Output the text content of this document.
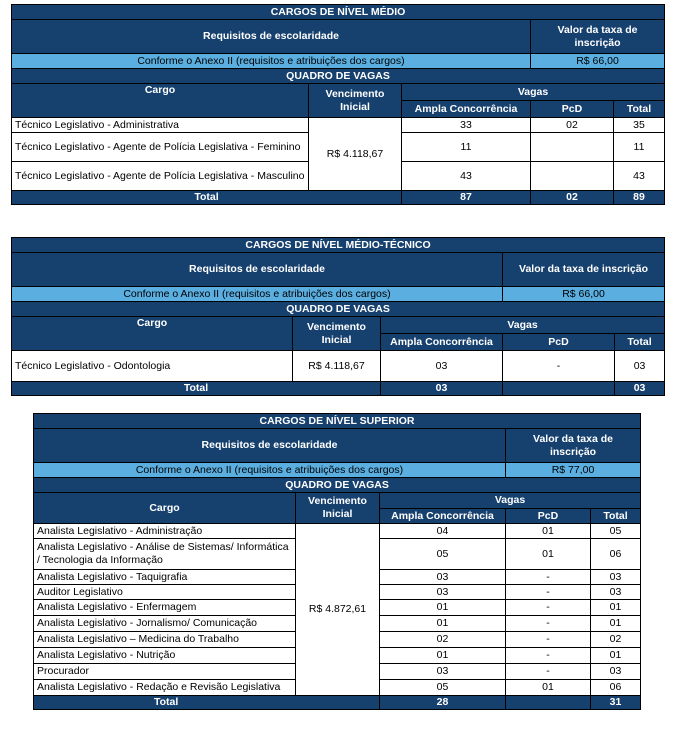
CARGOS DE NÍVEL MÉDIO				
Requisitos de escolaridade			Valor da taxa de inscrição	
Conforme o Anexo II (requisitos e atribuições dos cargos)			R$ 66,00	
QUADRO DE VAGAS				
Cargo	Vencimento Inicial	Vagas		
		Ampla Concorrência	PcD	Total
Técnico Legislativo - Administrativa	R$ 4.118,67	33	02	35
Técnico Legislativo - Agente de Polícia Legislativa - Feminino		11		11
Técnico Legislativo - Agente de Polícia Legislativa - Masculino		43		43
Total		87	02	89
CARGOS DE NÍVEL MÉDIO-TÉCNICO				
Requisitos de escolaridade			Valor da taxa de inscrição	
Conforme o Anexo II (requisitos e atribuições dos cargos)			R$ 66,00	
QUADRO DE VAGAS				
Cargo	Vencimento Inicial	Vagas		
		Ampla Concorrência	PcD	Total
Técnico Legislativo - Odontologia	R$ 4.118,67	03	-	03
Total		03		03
CARGOS DE NÍVEL SUPERIOR				
Requisitos de escolaridade			Valor da taxa de inscrição	
Conforme o Anexo II (requisitos e atribuições dos cargos)			R$ 77,00	
QUADRO DE VAGAS				
Cargo	Vencimento Inicial	Vagas		
		Ampla Concorrência	PcD	Total
Analista Legislativo - Administração	R$ 4.872,61	04	01	05
Analista Legislativo - Análise de Sistemas/ Informática / Tecnologia da Informação		05	01	06
Analista Legislativo - Taquigrafia		03	-	03
Auditor Legislativo		03	-	03
Analista Legislativo - Enfermagem		01	-	01
Analista Legislativo - Jornalismo/ Comunicação		01	-	01
Analista Legislativo – Medicina do Trabalho		02	-	02
Analista Legislativo - Nutrição		01	-	01
Procurador		03	-	03
Analista Legislativo - Redação e Revisão Legislativa		05	01	06
Total		28		31
